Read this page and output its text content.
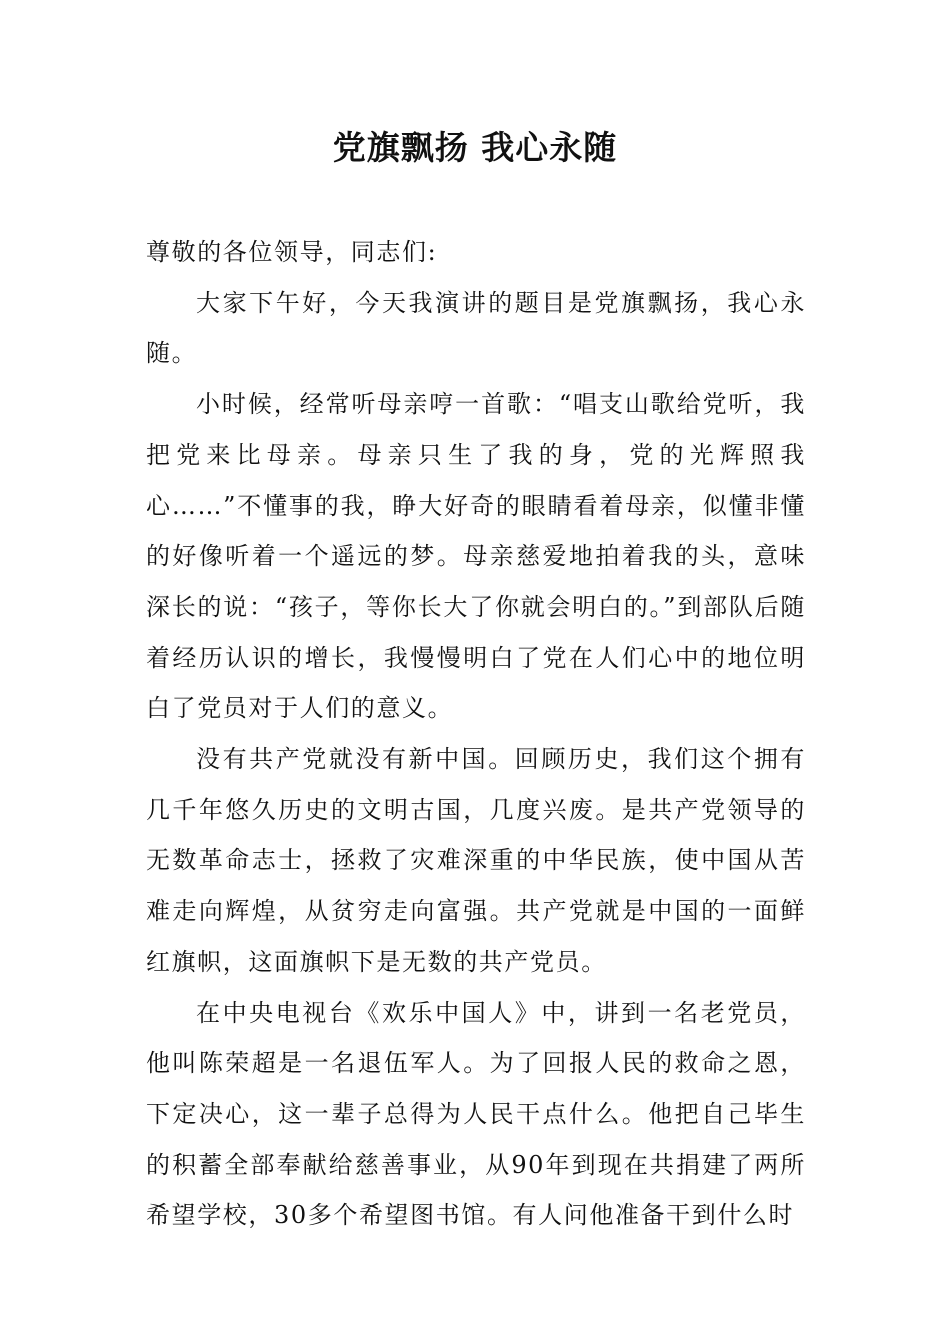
党旗飘扬 我心永随

尊敬的各位领导，同志们:

大家下午好，今天我演讲的题目是党旗飘扬，我心永随。

小时候，经常听母亲哼一首歌：“唱支山歌给党听，我把党来比母亲。母亲只生了我的身，党的光辉照我心……”不懂事的我，睁大好奇的眼睛看着母亲，似懂非懂的好像听着一个遥远的梦。母亲慈爱地拍着我的头，意味深长的说：“孩子，等你长大了你就会明白的。”到部队后随着经历认识的增长，我慢慢明白了党在人们心中的地位明白了党员对于人们的意义。

没有共产党就没有新中国。回顾历史，我们这个拥有几千年悠久历史的文明古国，几度兴废。是共产党领导的无数革命志士，拯救了灾难深重的中华民族，使中国从苦难走向辉煌，从贫穷走向富强。共产党就是中国的一面鲜红旗帜，这面旗帜下是无数的共产党员。

在中央电视台《欢乐中国人》中，讲到一名老党员，他叫陈荣超是一名退伍军人。为了回报人民的救命之恩，下定决心，这一辈子总得为人民干点什么。他把自己毕生的积蓄全部奉献给慈善事业，从90年到现在共捐建了两所希望学校，30多个希望图书馆。有人问他准备干到什么时
